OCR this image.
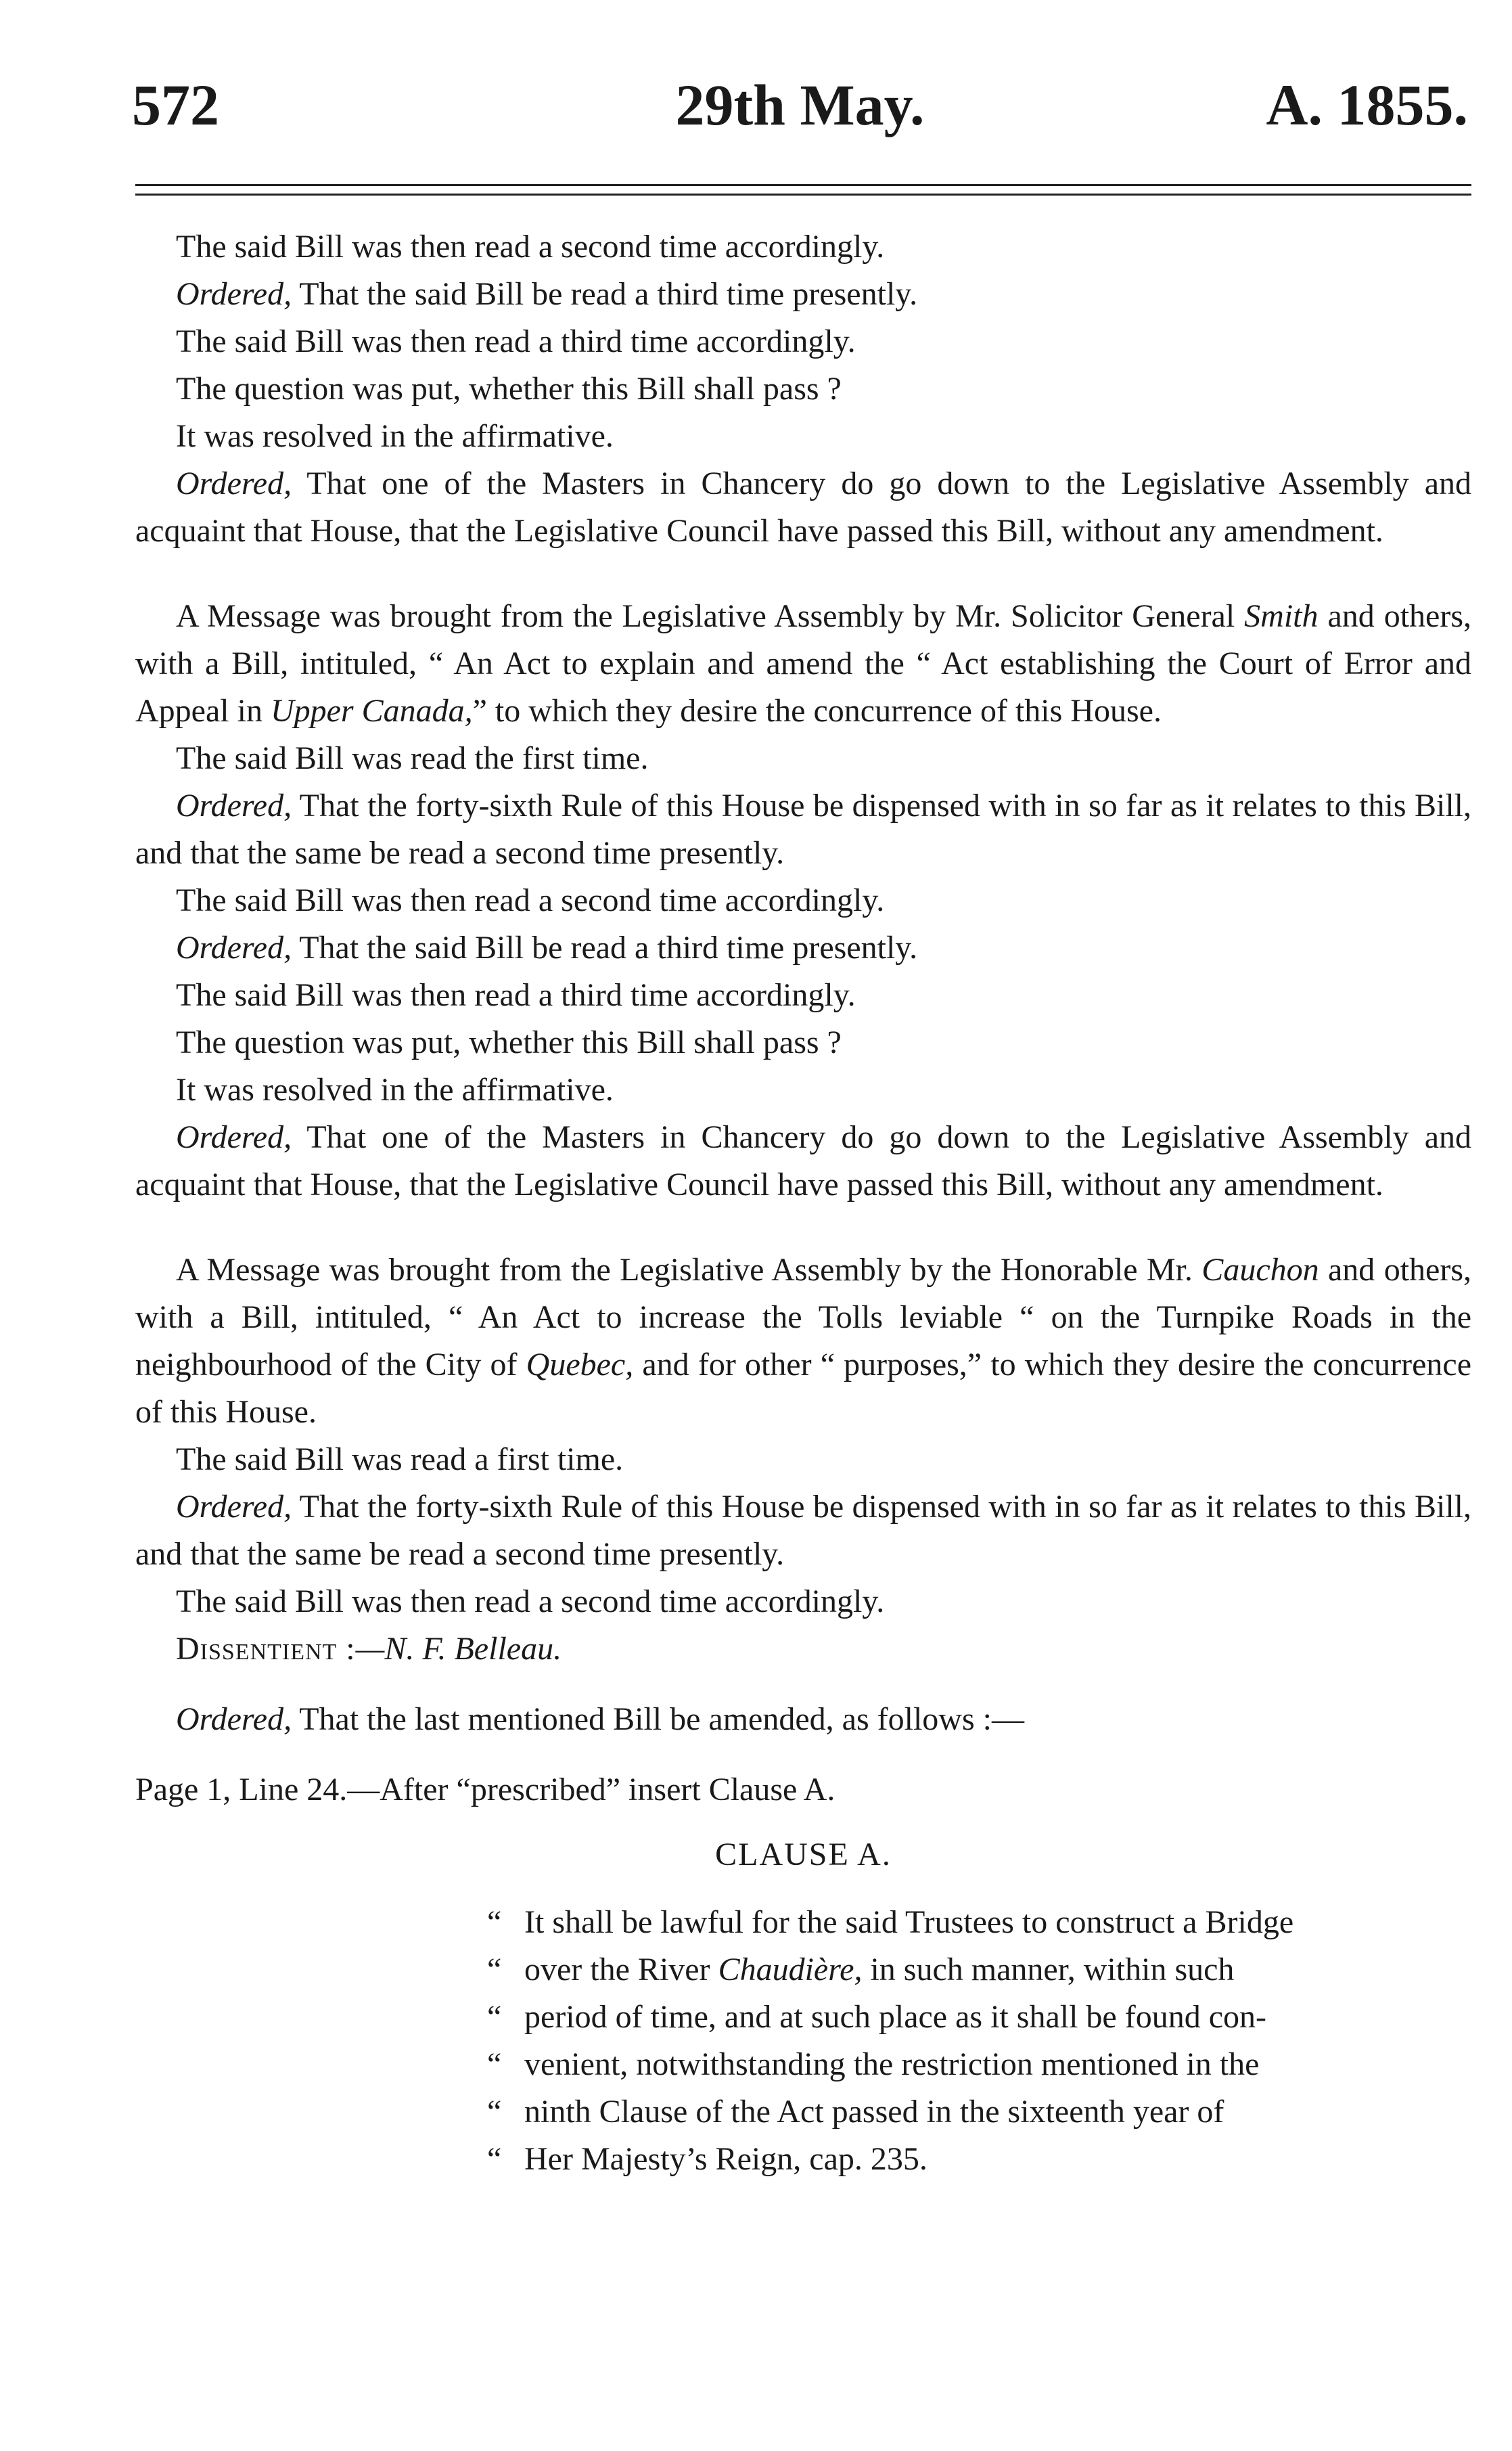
572	29th May.	A. 1855.

The said Bill was then read a second time accordingly.

Ordered, That the said Bill be read a third time presently.

The said Bill was then read a third time accordingly.

The question was put, whether this Bill shall pass ?

It was resolved in the affirmative.

Ordered, That one of the Masters in Chancery do go down to the Legislative Assembly and acquaint that House, that the Legislative Council have passed this Bill, without any amendment.

A Message was brought from the Legislative Assembly by Mr. Solicitor General Smith and others, with a Bill, intituled, “ An Act to explain and amend the “ Act establishing the Court of Error and Appeal in Upper Canada,” to which they desire the concurrence of this House.

The said Bill was read the first time.

Ordered, That the forty-sixth Rule of this House be dispensed with in so far as it relates to this Bill, and that the same be read a second time presently.

The said Bill was then read a second time accordingly.

Ordered, That the said Bill be read a third time presently.

The said Bill was then read a third time accordingly.

The question was put, whether this Bill shall pass ?

It was resolved in the affirmative.

Ordered, That one of the Masters in Chancery do go down to the Legislative Assembly and acquaint that House, that the Legislative Council have passed this Bill, without any amendment.

A Message was brought from the Legislative Assembly by the Honorable Mr. Cauchon and others, with a Bill, intituled, “ An Act to increase the Tolls leviable “ on the Turnpike Roads in the neighbourhood of the City of Quebec, and for other “ purposes,” to which they desire the concurrence of this House.

The said Bill was read a first time.

Ordered, That the forty-sixth Rule of this House be dispensed with in so far as it relates to this Bill, and that the same be read a second time presently.

The said Bill was then read a second time accordingly.

Dissentient :—N. F. Belleau.

Ordered, That the last mentioned Bill be amended, as follows :—

Page 1, Line 24.—After “prescribed” insert Clause A.

CLAUSE A.

“ It shall be lawful for the said Trustees to construct a Bridge

“ over the River Chaudière, in such manner, within such

“ period of time, and at such place as it shall be found con-

“ venient, notwithstanding the restriction mentioned in the

“ ninth Clause of the Act passed in the sixteenth year of

“ Her Majesty’s Reign, cap. 235.
